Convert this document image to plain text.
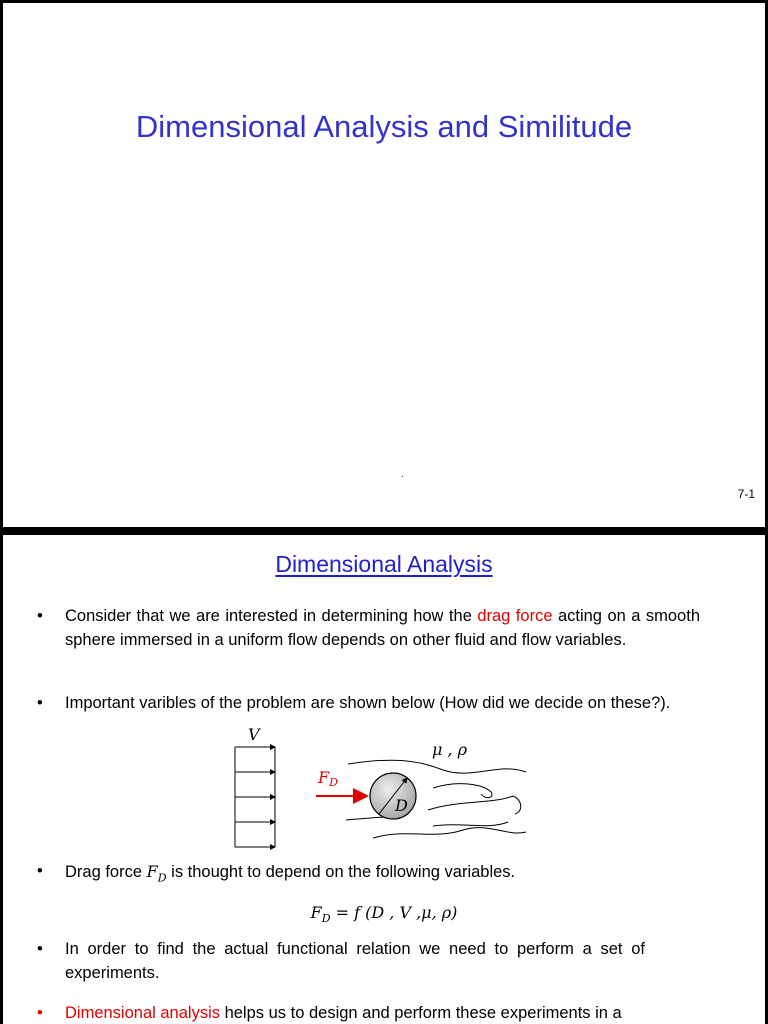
Dimensional Analysis and Similitude
.
7-1
Dimensional Analysis
• Consider that we are interested in determining how the drag force acting on a smooth sphere immersed in a uniform flow depends on other fluid and flow variables.
• Important varibles of the problem are shown below (How did we decide on these?).
V
μ , ρ
D
FD
• Drag force $F_D$ is thought to depend on the following variables.
$F_D = f$ (D , V ,μ, ρ)
• In order to find the actual functional relation we need to perform a set of experiments.
• Dimensional analysis helps us to design and perform these experiments in a
